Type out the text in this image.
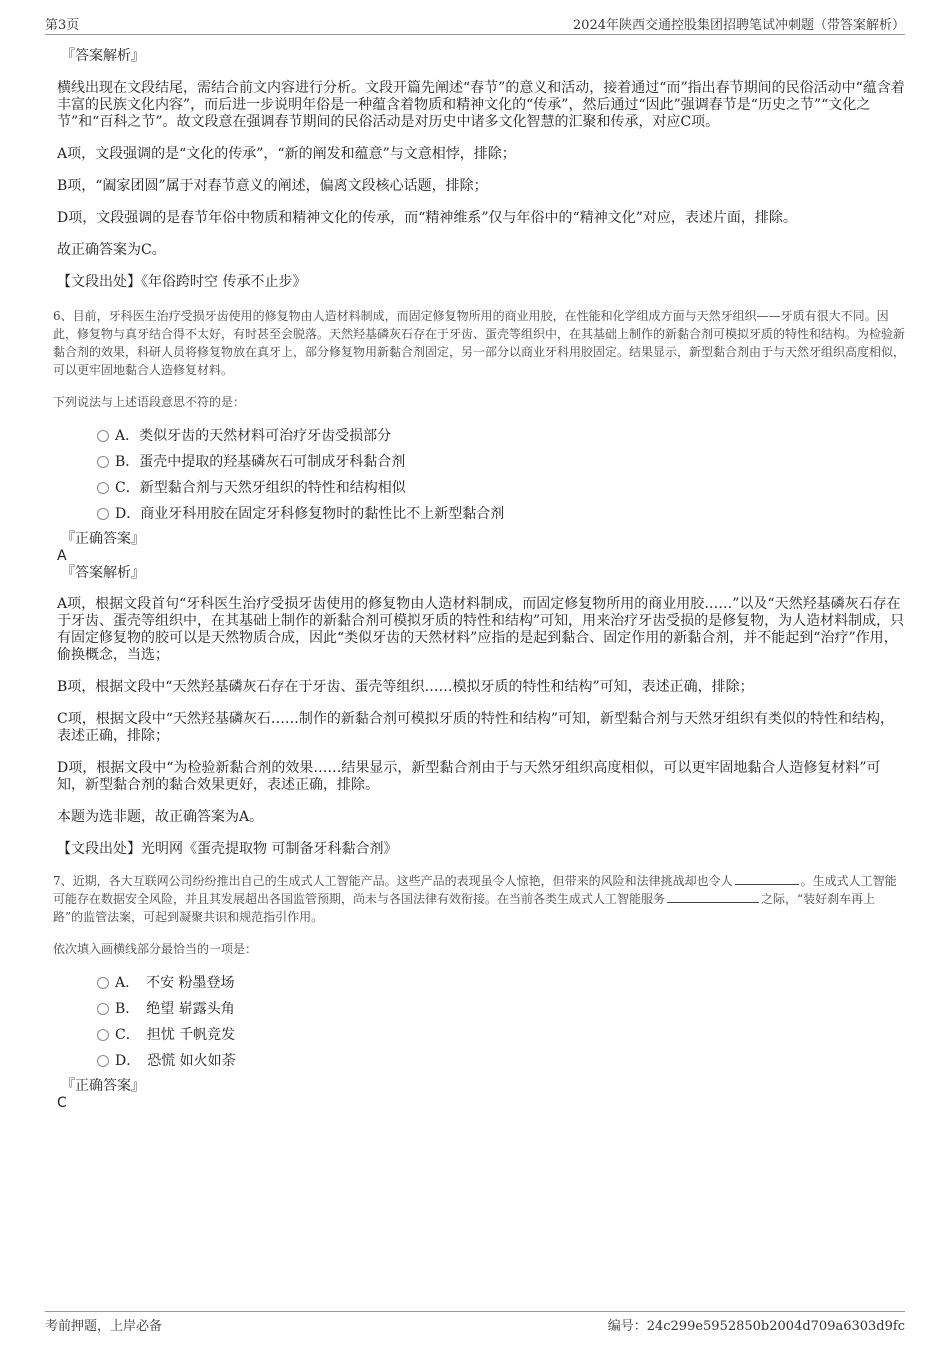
第3页	2024年陕西交通控股集团招聘笔试冲刺题（带答案解析）
『答案解析』

横线出现在文段结尾，需结合前文内容进行分析。文段开篇先阐述“春节”的意义和活动，接着通过“而”指出春节期间的民俗活动中“蕴含着丰富的民族文化内容”，而后进一步说明年俗是一种蕴含着物质和精神文化的“传承”，然后通过“因此”强调春节是“历史之节”“文化之节”和“百科之节”。故文段意在强调春节期间的民俗活动是对历史中诸多文化智慧的汇聚和传承，对应C项。

A项，文段强调的是“文化的传承”，“新的阐发和蕴意”与文意相悖，排除；

B项，“阖家团圆”属于对春节意义的阐述，偏离文段核心话题，排除；

D项，文段强调的是春节年俗中物质和精神文化的传承，而“精神维系”仅与年俗中的“精神文化”对应，表述片面，排除。

故正确答案为C。

【文段出处】《年俗跨时空 传承不止步》

6、目前，牙科医生治疗受损牙齿使用的修复物由人造材料制成，而固定修复物所用的商业用胶，在性能和化学组成方面与天然牙组织——牙质有很大不同。因此，修复物与真牙结合得不太好，有时甚至会脱落。天然羟基磷灰石存在于牙齿、蛋壳等组织中，在其基础上制作的新黏合剂可模拟牙质的特性和结构。为检验新黏合剂的效果，科研人员将修复物放在真牙上，部分修复物用新黏合剂固定，另一部分以商业牙科用胶固定。结果显示，新型黏合剂由于与天然牙组织高度相似，可以更牢固地黏合人造修复材料。

下列说法与上述语段意思不符的是：

A．类似牙齿的天然材料可治疗牙齿受损部分
B．蛋壳中提取的羟基磷灰石可制成牙科黏合剂
C．新型黏合剂与天然牙组织的特性和结构相似
D．商业牙科用胶在固定牙科修复物时的黏性比不上新型黏合剂
『正确答案』
A
『答案解析』

A项，根据文段首句“牙科医生治疗受损牙齿使用的修复物由人造材料制成，而固定修复物所用的商业用胶……”以及“天然羟基磷灰石存在于牙齿、蛋壳等组织中，在其基础上制作的新黏合剂可模拟牙质的特性和结构”可知，用来治疗牙齿受损的是修复物，为人造材料制成，只有固定修复物的胶可以是天然物质合成，因此“类似牙齿的天然材料”应指的是起到黏合、固定作用的新黏合剂，并不能起到“治疗”作用，偷换概念，当选；

B项，根据文段中“天然羟基磷灰石存在于牙齿、蛋壳等组织……模拟牙质的特性和结构”可知，表述正确，排除；

C项，根据文段中“天然羟基磷灰石……制作的新黏合剂可模拟牙质的特性和结构”可知，新型黏合剂与天然牙组织有类似的特性和结构，表述正确，排除；

D项，根据文段中“为检验新黏合剂的效果……结果显示，新型黏合剂由于与天然牙组织高度相似，可以更牢固地黏合人造修复材料”可知，新型黏合剂的黏合效果更好，表述正确，排除。

本题为选非题，故正确答案为A。

【文段出处】光明网《蛋壳提取物 可制备牙科黏合剂》

7、近期，各大互联网公司纷纷推出自己的生成式人工智能产品。这些产品的表现虽令人惊艳，但带来的风险和法律挑战却也令人	。生成式人工智能可能存在数据安全风险，并且其发展超出各国监管预期，尚未与各国法律有效衔接。在当前各类生成式人工智能服务	之际，“装好刹车再上路”的监管法案，可起到凝聚共识和规范指引作用。

依次填入画横线部分最恰当的一项是：

A．　不安 粉墨登场
B．　绝望 崭露头角
C．　担忧 千帆竞发
D．　恐慌 如火如荼
『正确答案』
C
考前押题，上岸必备	编号：24c299e5952850b2004d709a6303d9fc
